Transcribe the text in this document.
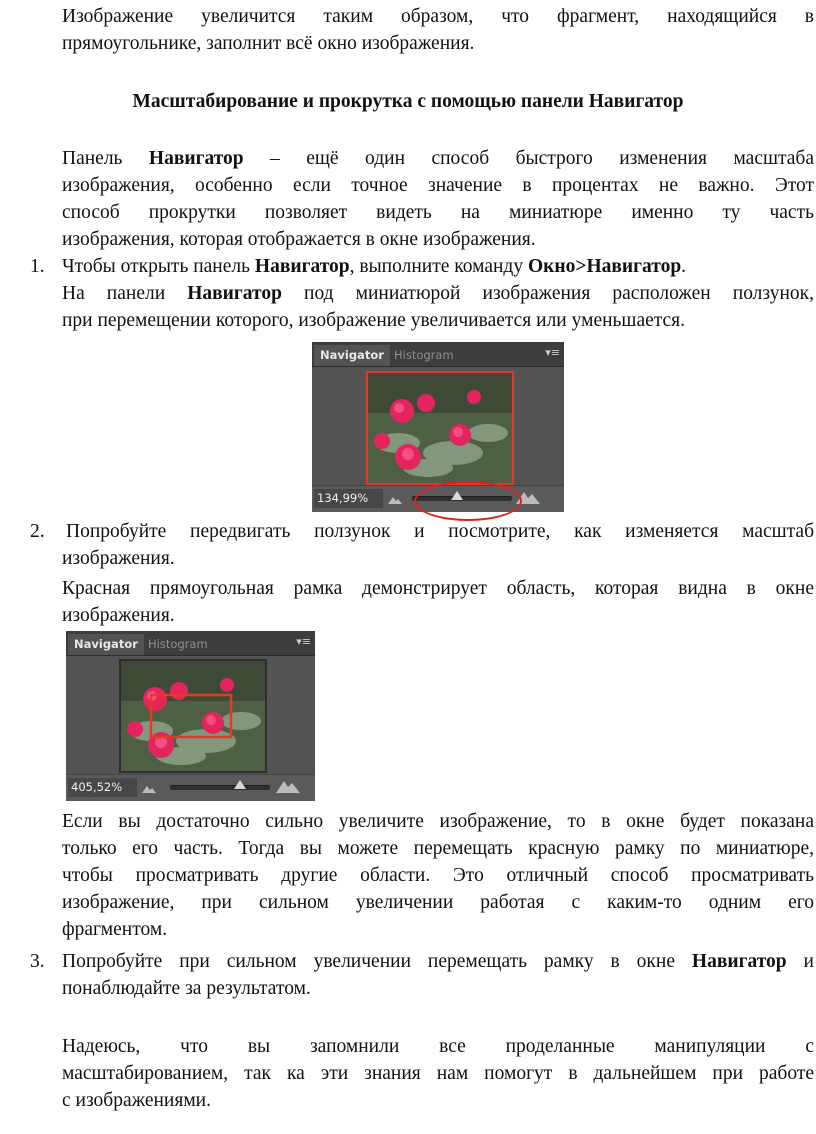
Изображение увеличится таким образом, что фрагмент, находящийся в
прямоугольнике, заполнит всё окно изображения.
Масштабирование и прокрутка с помощью панели Навигатор
Панель Навигатор – ещё один способ быстрого изменения масштаба
изображения, особенно если точное значение в процентах не важно. Этот
способ прокрутки позволяет видеть на миниатюре именно ту часть
изображения, которая отображается в окне изображения.
1. Чтобы открыть панель Навигатор, выполните команду Окно>Навигатор.
На панели Навигатор под миниатюрой изображения расположен ползунок,
при перемещении которого, изображение увеличивается или уменьшается.
Navigator Histogram	▾≡
134,99%
2. Попробуйте передвигать ползунок и посмотрите, как изменяется масштаб
изображения.
Красная прямоугольная рамка демонстрирует область, которая видна в окне
изображения.
Navigator Histogram	▾≡
405,52%
Если вы достаточно сильно увеличите изображение, то в окне будет показана
только его часть. Тогда вы можете перемещать красную рамку по миниатюре,
чтобы просматривать другие области. Это отличный способ просматривать
изображение, при сильном увеличении работая с каким-то одним его
фрагментом.
3. Попробуйте при сильном увеличении перемещать рамку в окне Навигатор и
понаблюдайте за результатом.
Надеюсь, что вы запомнили все проделанные манипуляции с
масштабированием, так ка эти знания нам помогут в дальнейшем при работе
с изображениями.
